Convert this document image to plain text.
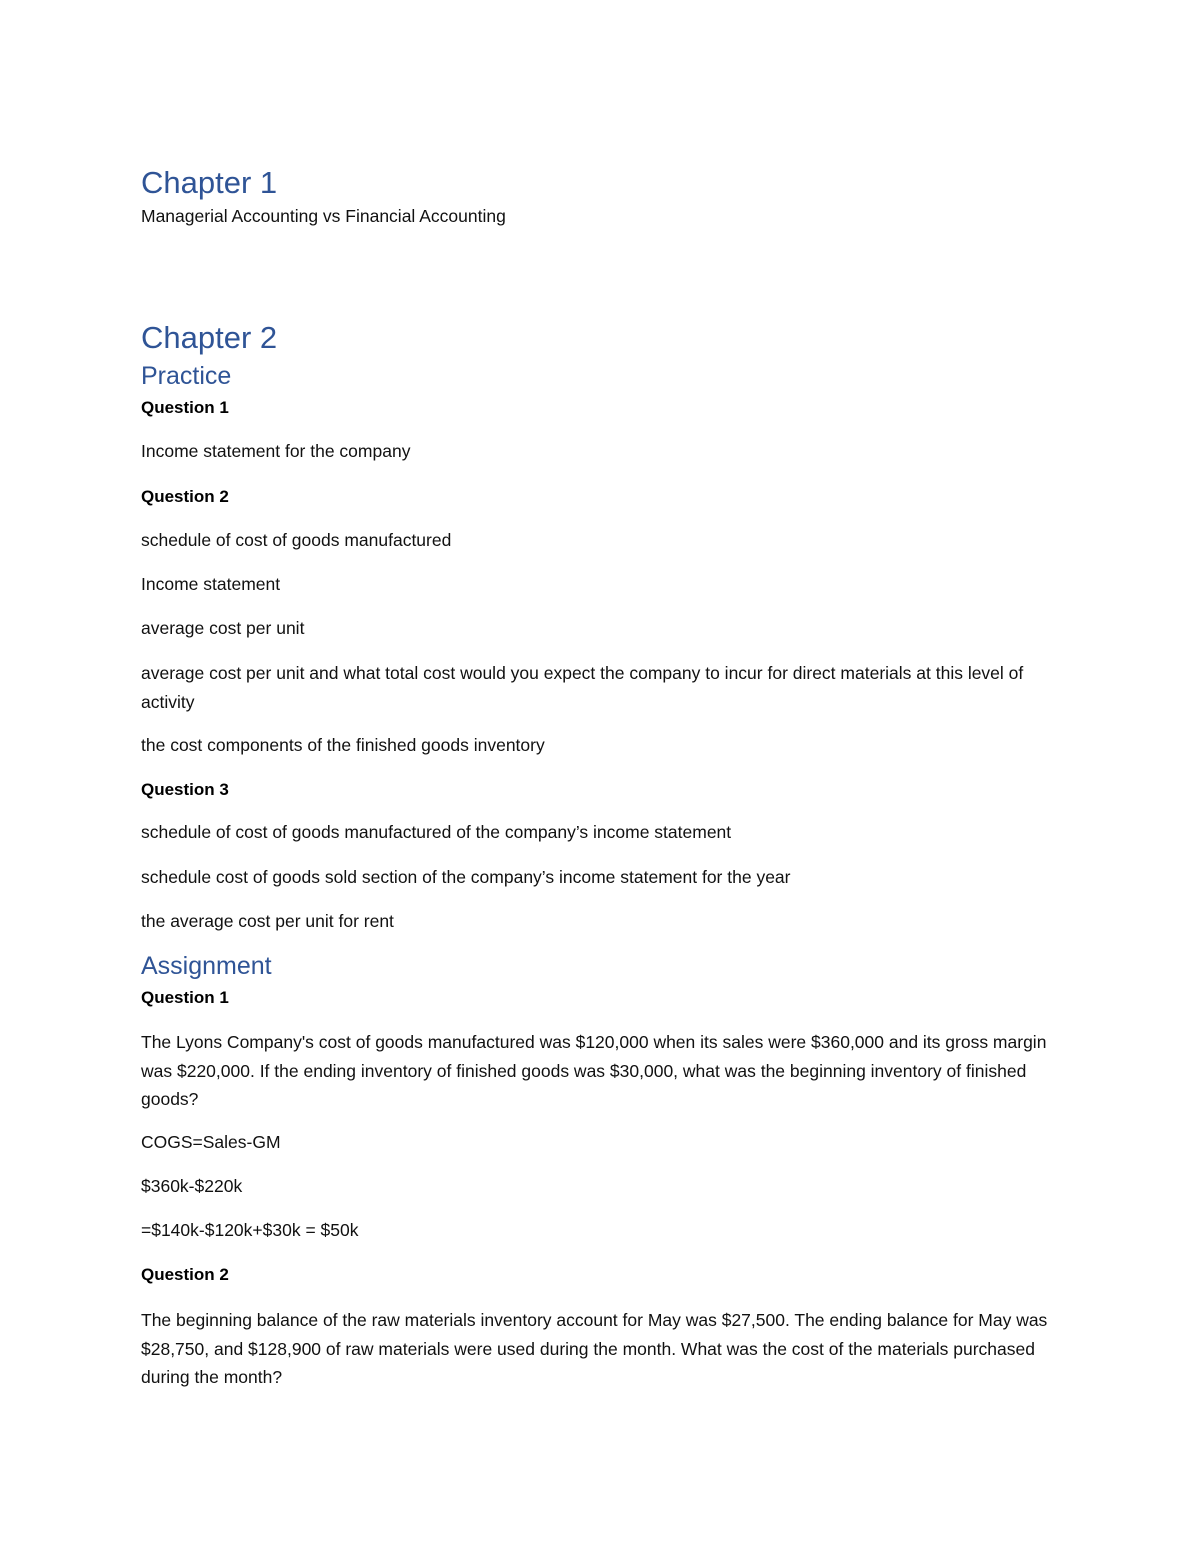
Chapter 1

Managerial Accounting vs Financial Accounting

Chapter 2
Practice

Question 1

Income statement for the company

Question 2

schedule of cost of goods manufactured

Income statement

average cost per unit

average cost per unit and what total cost would you expect the company to incur for direct materials at this level of activity

the cost components of the finished goods inventory

Question 3

schedule of cost of goods manufactured of the company’s income statement

schedule cost of goods sold section of the company’s income statement for the year

the average cost per unit for rent

Assignment

Question 1

The Lyons Company's cost of goods manufactured was $120,000 when its sales were $360,000 and its gross margin was $220,000. If the ending inventory of finished goods was $30,000, what was the beginning inventory of finished goods?

COGS=Sales-GM

$360k-$220k

=$140k-$120k+$30k = $50k

Question 2

The beginning balance of the raw materials inventory account for May was $27,500. The ending balance for May was $28,750, and $128,900 of raw materials were used during the month. What was the cost of the materials purchased during the month?
